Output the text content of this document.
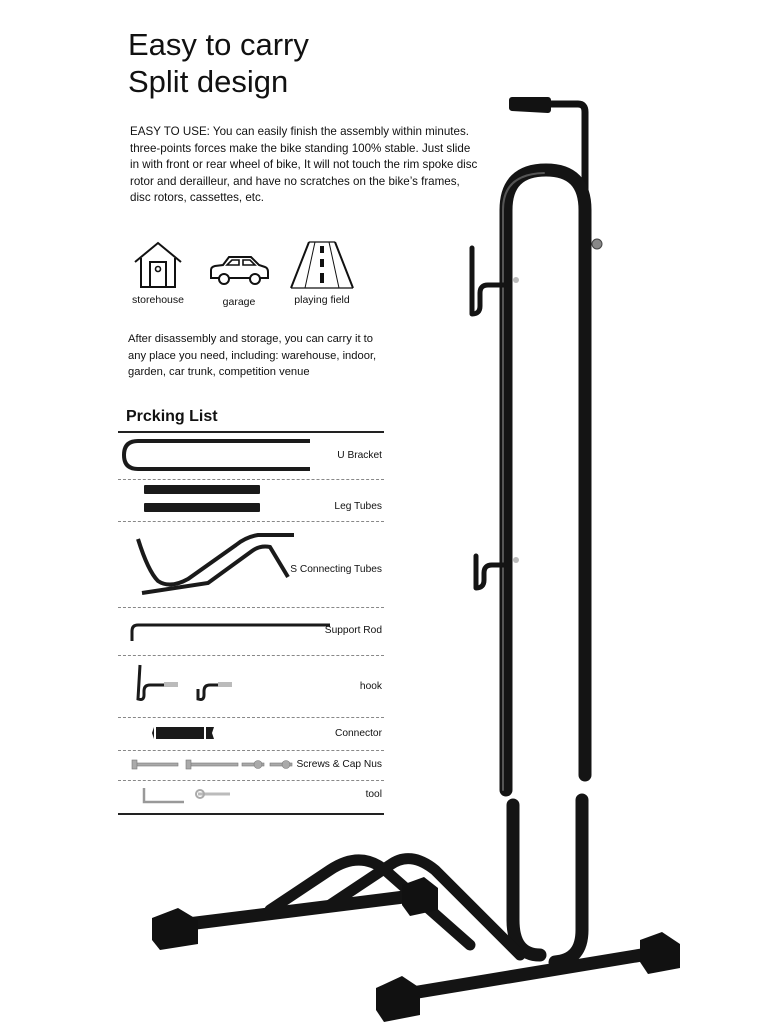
Easy to carry
Split design

EASY TO USE: You can easily finish the assembly within minutes. three-points forces make the bike standing 100% stable. Just slide in with front or rear wheel of bike, It will not touch the rim spoke disc rotor and derailleur, and have no scratches on the bike’s frames, disc rotors, cassettes, etc.

storehouse	garage	playing field

After disassembly and storage, you can carry it to any place you need, including: warehouse, indoor, garden, car trunk, competition venue

Prcking List
U Bracket
Leg Tubes
S Connecting Tubes
Support Rod
hook
Connector
Screws & Cap Nus
tool
